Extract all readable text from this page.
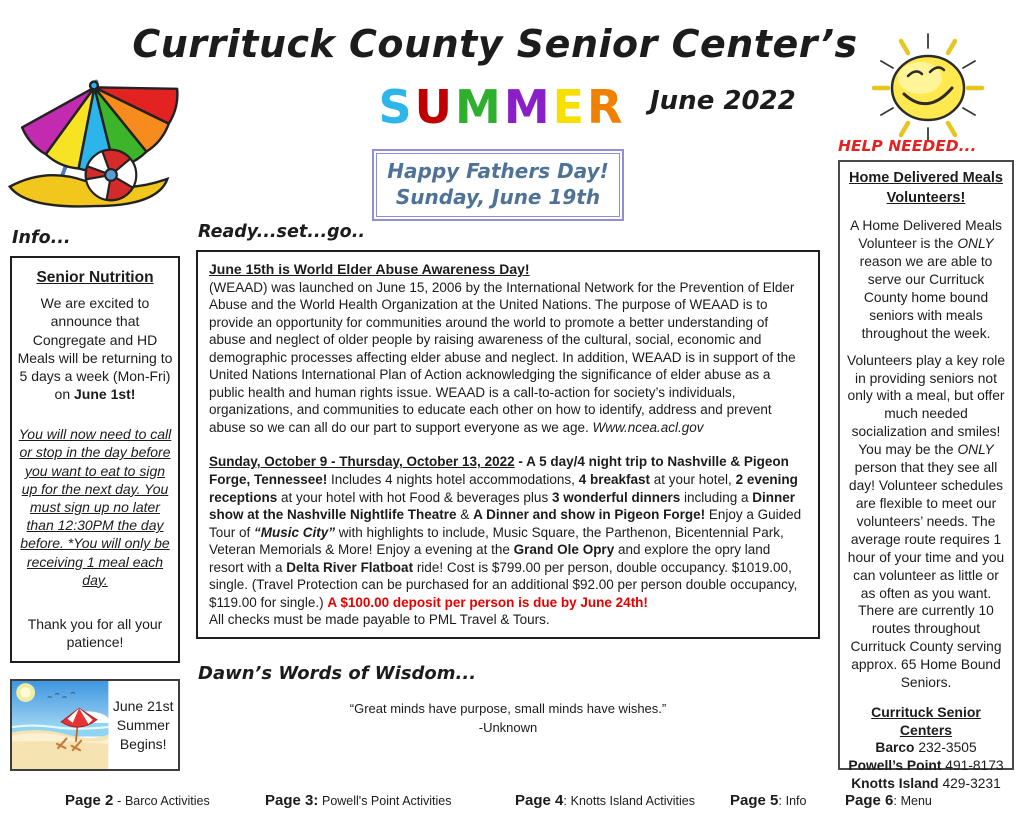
Currituck County Senior Center’s
SUMMER June 2022
Happy Fathers Day!
Sunday, June 19th
Info...
Senior Nutrition
We are excited to announce that Congregate and HD Meals will be returning to 5 days a week (Mon-Fri) on June 1st!
You will now need to call or stop in the day before you want to eat to sign up for the next day. You must sign up no later than 12:30PM the day before. *You will only be receiving 1 meal each day.
Thank you for all your patience!
June 21st
Summer
Begins!
Ready...set...go..
June 15th is World Elder Abuse Awareness Day!
(WEAAD) was launched on June 15, 2006 by the International Network for the Prevention of Elder Abuse and the World Health Organization at the United Nations. The purpose of WEAAD is to provide an opportunity for communities around the world to promote a better understanding of abuse and neglect of older people by raising awareness of the cultural, social, economic and demographic processes affecting elder abuse and neglect. In addition, WEAAD is in support of the United Nations International Plan of Action acknowledging the significance of elder abuse as a public health and human rights issue. WEAAD is a call-to-action for society’s individuals, organizations, and communities to educate each other on how to identify, address and prevent abuse so we can all do our part to support everyone as we age. Www.ncea.acl.gov
Sunday, October 9 - Thursday, October 13, 2022 - A 5 day/4 night trip to Nashville & Pigeon Forge, Tennessee! Includes 4 nights hotel accommodations, 4 breakfast at your hotel, 2 evening receptions at your hotel with hot Food & beverages plus 3 wonderful dinners including a Dinner show at the Nashville Nightlife Theatre & A Dinner and show in Pigeon Forge! Enjoy a Guided Tour of “Music City” with highlights to include, Music Square, the Parthenon, Bicentennial Park, Veteran Memorials & More! Enjoy a evening at the Grand Ole Opry and explore the opry land resort with a Delta River Flatboat ride! Cost is $799.00 per person, double occupancy. $1019.00, single. (Travel Protection can be purchased for an additional $92.00 per person double occupancy, $119.00 for single.) A $100.00 deposit per person is due by June 24th!
All checks must be made payable to PML Travel & Tours.
Dawn’s Words of Wisdom...
“Great minds have purpose, small minds have wishes.”
-Unknown
HELP NEEDED...
Home Delivered Meals Volunteers!
A Home Delivered Meals Volunteer is the ONLY reason we are able to serve our Currituck County home bound seniors with meals throughout the week.
Volunteers play a key role in providing seniors not only with a meal, but offer much needed socialization and smiles! You may be the ONLY person that they see all day! Volunteer schedules are flexible to meet our volunteers’ needs. The average route requires 1 hour of your time and you can volunteer as little or as often as you want. There are currently 10 routes throughout Currituck County serving approx. 65 Home Bound Seniors.
Currituck Senior Centers
Barco 232-3505
Powell’s Point 491-8173
Knotts Island 429-3231
Page 2 - Barco Activities	Page 3: Powell's Point Activities	Page 4: Knotts Island Activities Page 5: Info	Page 6: Menu
